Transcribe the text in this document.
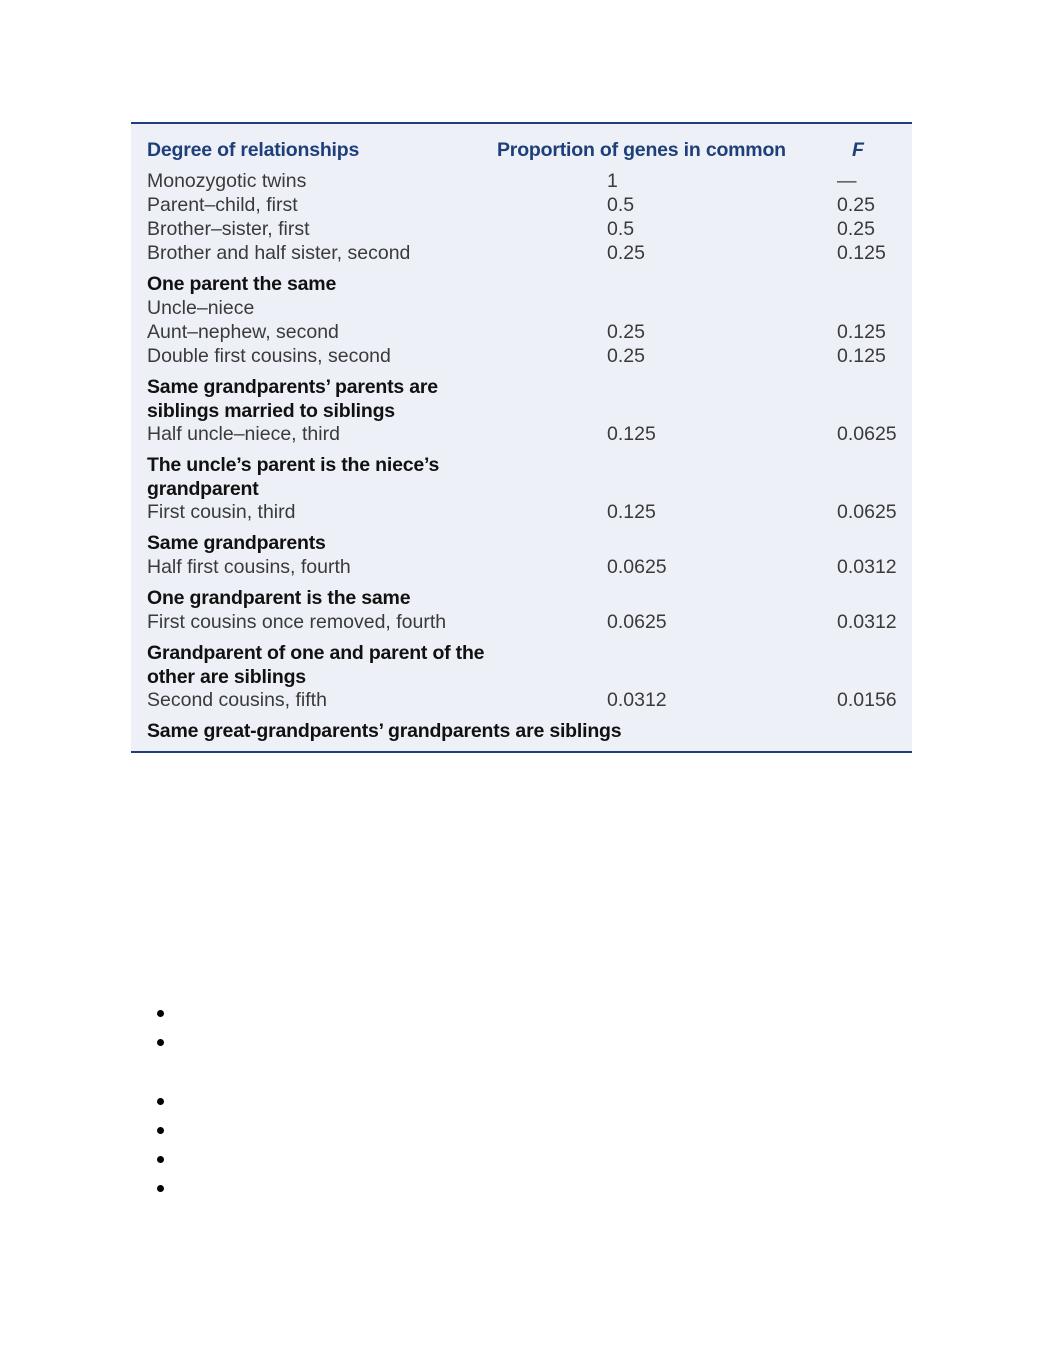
Degree of relationships	Proportion of genes in common	F
Monozygotic twins	1	—
Parent–child, first	0.5	0.25
Brother–sister, first	0.5	0.25
Brother and half sister, second	0.25	0.125
One parent the same
Uncle–niece
Aunt–nephew, second	0.25	0.125
Double first cousins, second	0.25	0.125
Same grandparents’ parents are
siblings married to siblings
Half uncle–niece, third	0.125	0.0625
The uncle’s parent is the niece’s
grandparent
First cousin, third	0.125	0.0625
Same grandparents
Half first cousins, fourth	0.0625	0.0312
One grandparent is the same
First cousins once removed, fourth	0.0625	0.0312
Grandparent of one and parent of the
other are siblings
Second cousins, fifth	0.0312	0.0156
Same great-grandparents’ grandparents are siblings
